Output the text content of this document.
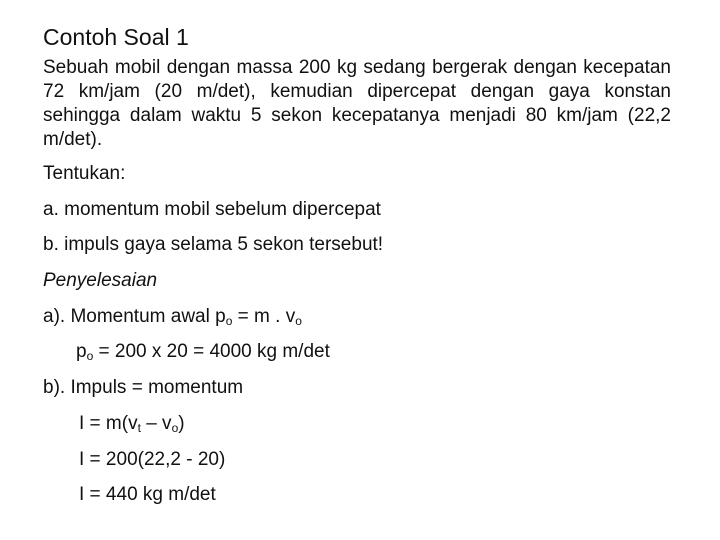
Contoh Soal 1

Sebuah mobil dengan massa 200 kg sedang bergerak dengan kecepatan 72 km/jam (20 m/det), kemudian dipercepat dengan gaya konstan sehingga dalam waktu 5 sekon kecepatanya menjadi 80 km/jam (22,2 m/det).

Tentukan:
a. momentum mobil sebelum dipercepat
b. impuls gaya selama 5 sekon tersebut!
Penyelesaian
a). Momentum awal $p_o = m$ . $v_o$
$p_o = 200$ x 20 = 4000 kg m/det
b). Impuls = momentum
$I = m(v_t - v_o)$
I = 200(22,2 - 20)
I = 440 kg m/det
